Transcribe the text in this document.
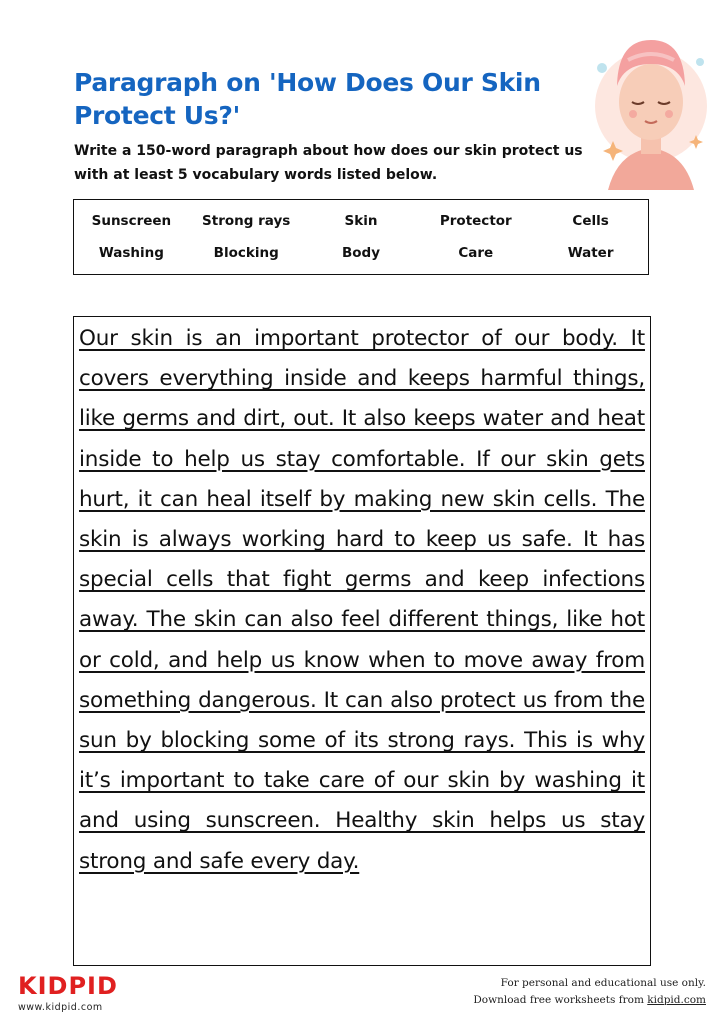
Paragraph on 'How Does Our Skin Protect Us?'

Write a 150-word paragraph about how does our skin protect us with at least 5 vocabulary words listed below.

Sunscreen	Strong rays	Skin	Protector	Cells
Washing	Blocking	Body	Care	Water

Our skin is an important protector of our body. It covers everything inside and keeps harmful things, like germs and dirt, out. It also keeps water and heat inside to help us stay comfortable. If our skin gets hurt, it can heal itself by making new skin cells. The skin is always working hard to keep us safe. It has special cells that fight germs and keep infections away. The skin can also feel different things, like hot or cold, and help us know when to move away from something dangerous. It can also protect us from the sun by blocking some of its strong rays. This is why it’s important to take care of our skin by washing it and using sunscreen. Healthy skin helps us stay strong and safe every day.

KIDPID
www.kidpid.com
For personal and educational use only.
Download free worksheets from kidpid.com
